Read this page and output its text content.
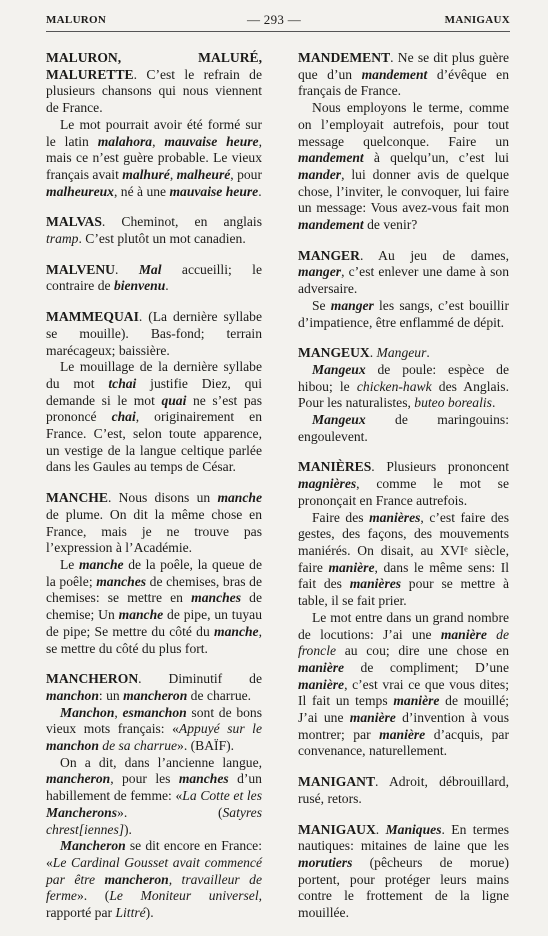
MALURON	— 293 —	MANIGAUX

MALURON, MALURÉ, MALURETTE. C’est le refrain de plusieurs chansons qui nous viennent de France.

Le mot pourrait avoir été formé sur le latin malahora, mauvaise heure, mais ce n’est guère probable. Le vieux français avait malhuré, malheuré, pour malheureux, né à une mauvaise heure.

MALVAS. Cheminot, en anglais tramp. C’est plutôt un mot canadien.

MALVENU. Mal accueilli; le contraire de bienvenu.

MAMMEQUAI. (La dernière syllabe se mouille). Bas-fond; terrain marécageux; baissière.

Le mouillage de la dernière syllabe du mot tchai justifie Diez, qui demande si le mot quai ne s’est pas prononcé chai, originairement en France. C’est, selon toute apparence, un vestige de la langue celtique parlée dans les Gaules au temps de César.

MANCHE. Nous disons un manche de plume. On dit la même chose en France, mais je ne trouve pas l’expression à l’Académie.

Le manche de la poêle, la queue de la poêle; manches de chemises, bras de chemises: se mettre en manches de chemise; Un manche de pipe, un tuyau de pipe; Se mettre du côté du manche, se mettre du côté du plus fort.

MANCHERON. Diminutif de manchon: un mancheron de charrue.

Manchon, esmanchon sont de bons vieux mots français: «Appuyé sur le manchon de sa charrue». (BAÏF).

On a dit, dans l’ancienne langue, mancheron, pour les manches d’un habillement de femme: «La Cotte et les Mancherons». (Satyres chrest[iennes]).

Mancheron se dit encore en France: «Le Cardinal Gousset avait commencé par être mancheron, travailleur de ferme». (Le Moniteur universel, rapporté par Littré).

MANDEMENT. Ne se dit plus guère que d’un mandement d’évêque en français de France.

Nous employons le terme, comme on l’employait autrefois, pour tout message quelconque. Faire un mandement à quelqu’un, c’est lui mander, lui donner avis de quelque chose, l’inviter, le convoquer, lui faire un message: Vous avez-vous fait mon mandement de venir?

MANGER. Au jeu de dames, manger, c’est enlever une dame à son adversaire.

Se manger les sangs, c’est bouillir d’impatience, être enflammé de dépit.

MANGEUX. Mangeur.

Mangeux de poule: espèce de hibou; le chicken-hawk des Anglais. Pour les naturalistes, buteo borealis.

Mangeux de maringouins: engoulevent.

MANIÈRES. Plusieurs prononcent magnières, comme le mot se prononçait en France autrefois.

Faire des manières, c’est faire des gestes, des façons, des mouvements maniérés. On disait, au XVIᵉ siècle, faire manière, dans le même sens: Il fait des manières pour se mettre à table, il se fait prier.

Le mot entre dans un grand nombre de locutions: J’ai une manière de froncle au cou; dire une chose en manière de compliment; D’une manière, c’est vrai ce que vous dites; Il fait un temps manière de mouillé; J’ai une manière d’invention à vous montrer; par manière d’acquis, par convenance, naturellement.

MANIGANT. Adroit, débrouillard, rusé, retors.

MANIGAUX. Maniques. En termes nautiques: mitaines de laine que les morutiers (pêcheurs de morue) portent, pour protéger leurs mains contre le frottement de la ligne mouillée.
